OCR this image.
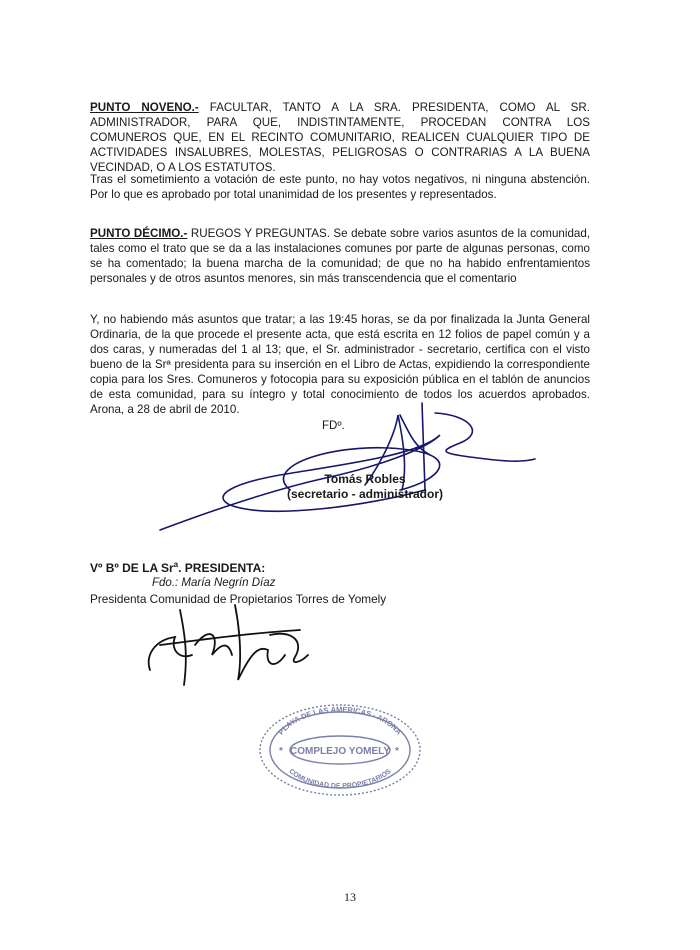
PUNTO NOVENO.- FACULTAR, TANTO A LA SRA. PRESIDENTA, COMO AL SR. ADMINISTRADOR, PARA QUE, INDISTINTAMENTE, PROCEDAN CONTRA LOS COMUNEROS QUE, EN EL RECINTO COMUNITARIO, REALICEN CUALQUIER TIPO DE ACTIVIDADES INSALUBRES, MOLESTAS, PELIGROSAS O CONTRARIAS A LA BUENA VECINDAD, O A LOS ESTATUTOS.

Tras el sometimiento a votación de este punto, no hay votos negativos, ni ninguna abstención. Por lo que es aprobado por total unanimidad de los presentes y representados.

PUNTO DÉCIMO.- RUEGOS Y PREGUNTAS. Se debate sobre varios asuntos de la comunidad, tales como el trato que se da a las instalaciones comunes por parte de algunas personas, como se ha comentado; la buena marcha de la comunidad; de que no ha habido enfrentamientos personales y de otros asuntos menores, sin más transcendencia que el comentario

Y, no habiendo más asuntos que tratar; a las 19:45 horas, se da por finalizada la Junta General Ordinaria, de la que procede el presente acta, que está escrita en 12 folios de papel común y a dos caras, y numeradas del 1 al 13; que, el Sr. administrador - secretario, certifica con el visto bueno de la Srª presidenta para su inserción en el Libro de Actas, expidiendo la correspondiente copia para los Sres. Comuneros y fotocopia para su exposición pública en el tablón de anuncios de esta comunidad, para su íntegro y total conocimiento de todos los acuerdos aprobados. Arona, a 28 de abril de 2010.

FDº.

Tomás Robles
(secretario - administrador)

Vº Bº DE LA Sr$^a$. PRESIDENTA:

Fdo.: María Negrín Díaz

Presidenta Comunidad de Propietarios Torres de Yomely

PLAYA DE LAS AMERICAS · ARONA
COMUNIDAD DE PROPIETARIOS
COMPLEJO YOMELY
*	*

13
